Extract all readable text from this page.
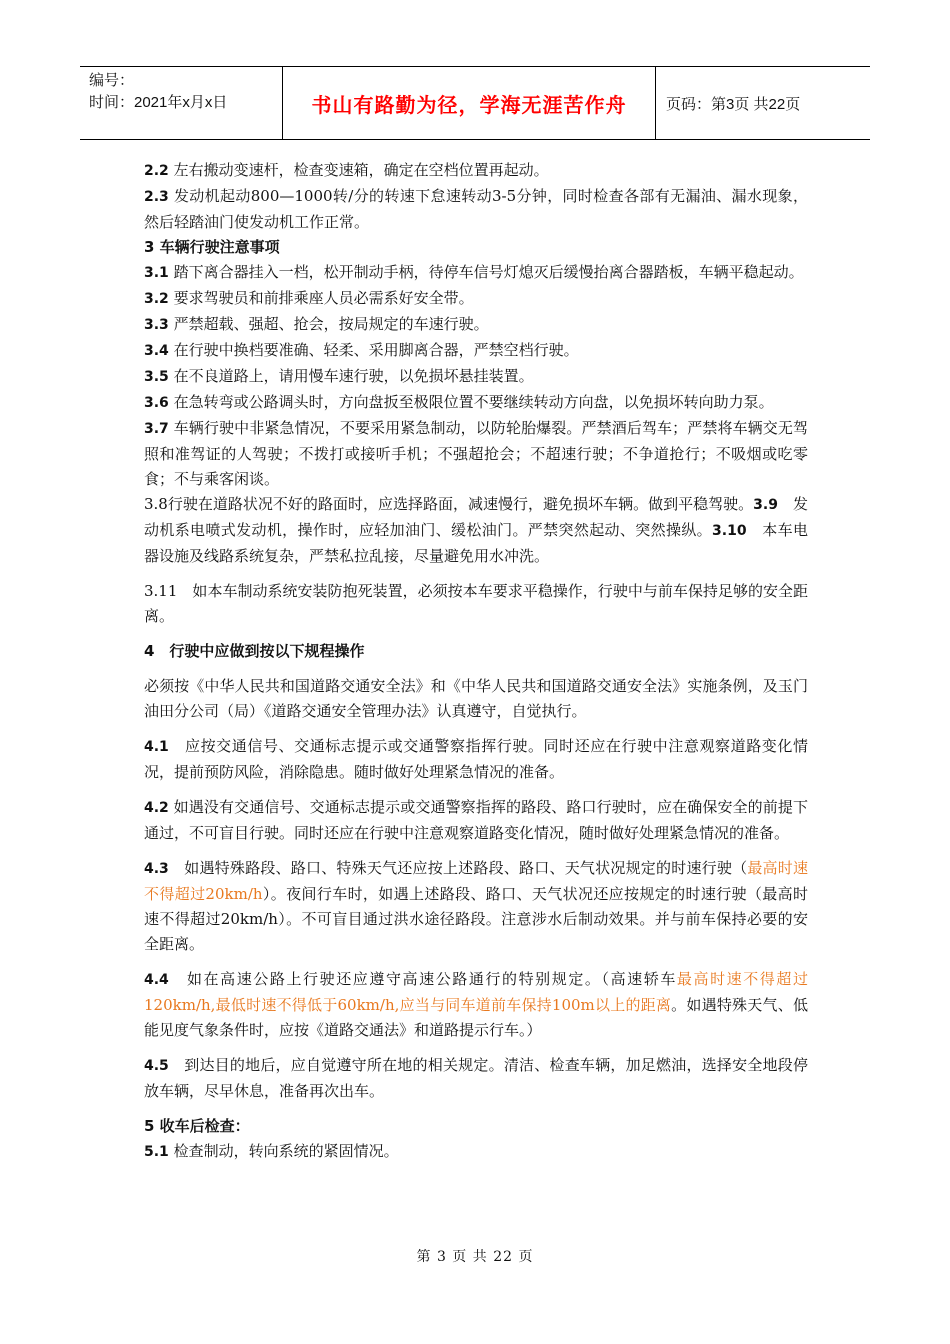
编号：
时间：2021年x月x日	书山有路勤为径，学海无涯苦作舟	页码：第3页 共22页

2.2 左右搬动变速杆，检查变速箱，确定在空档位置再起动。

2.3 发动机起动800—1000转/分的转速下怠速转动3-5分钟，同时检查各部有无漏油、漏水现象，然后轻踏油门使发动机工作正常。

3 车辆行驶注意事项

3.1 踏下离合器挂入一档，松开制动手柄，待停车信号灯熄灭后缓慢抬离合器踏板，车辆平稳起动。

3.2 要求驾驶员和前排乘座人员必需系好安全带。

3.3 严禁超载、强超、抢会，按局规定的车速行驶。

3.4 在行驶中换档要准确、轻柔、采用脚离合器，严禁空档行驶。

3.5 在不良道路上，请用慢车速行驶，以免损坏悬挂装置。

3.6 在急转弯或公路调头时，方向盘扳至极限位置不要继续转动方向盘，以免损坏转向助力泵。

3.7 车辆行驶中非紧急情况，不要采用紧急制动，以防轮胎爆裂。严禁酒后驾车；严禁将车辆交无驾照和准驾证的人驾驶；不拨打或接听手机；不强超抢会；不超速行驶；不争道抢行；不吸烟或吃零食；不与乘客闲谈。

3.8行驶在道路状况不好的路面时，应选择路面，减速慢行，避免损坏车辆。做到平稳驾驶。3.9　发动机系电喷式发动机，操作时，应轻加油门、缓松油门。严禁突然起动、突然操纵。3.10　本车电器设施及线路系统复杂，严禁私拉乱接，尽量避免用水冲洗。

3.11　如本车制动系统安装防抱死装置，必须按本车要求平稳操作，行驶中与前车保持足够的安全距离。

4　行驶中应做到按以下规程操作

必须按《中华人民共和国道路交通安全法》和《中华人民共和国道路交通安全法》实施条例，及玉门油田分公司（局）《道路交通安全管理办法》认真遵守，自觉执行。

4.1　应按交通信号、交通标志提示或交通警察指挥行驶。同时还应在行驶中注意观察道路变化情况，提前预防风险，消除隐患。随时做好处理紧急情况的准备。

4.2 如遇没有交通信号、交通标志提示或交通警察指挥的路段、路口行驶时，应在确保安全的前提下通过，不可盲目行驶。同时还应在行驶中注意观察道路变化情况，随时做好处理紧急情况的准备。

4.3　如遇特殊路段、路口、特殊天气还应按上述路段、路口、天气状况规定的时速行驶（最高时速不得超过20km/h）。夜间行车时，如遇上述路段、路口、天气状况还应按规定的时速行驶（最高时速不得超过20km/h）。不可盲目通过洪水途径路段。注意涉水后制动效果。并与前车保持必要的安全距离。

4.4　如在高速公路上行驶还应遵守高速公路通行的特别规定。（高速轿车最高时速不得超过120km/h,最低时速不得低于60km/h,应当与同车道前车保持100m以上的距离。如遇特殊天气、低能见度气象条件时，应按《道路交通法》和道路提示行车。）

4.5　到达目的地后，应自觉遵守所在地的相关规定。清洁、检查车辆，加足燃油，选择安全地段停放车辆，尽早休息，准备再次出车。

5 收车后检查：

5.1 检查制动，转向系统的紧固情况。

第 3 页 共 22 页
